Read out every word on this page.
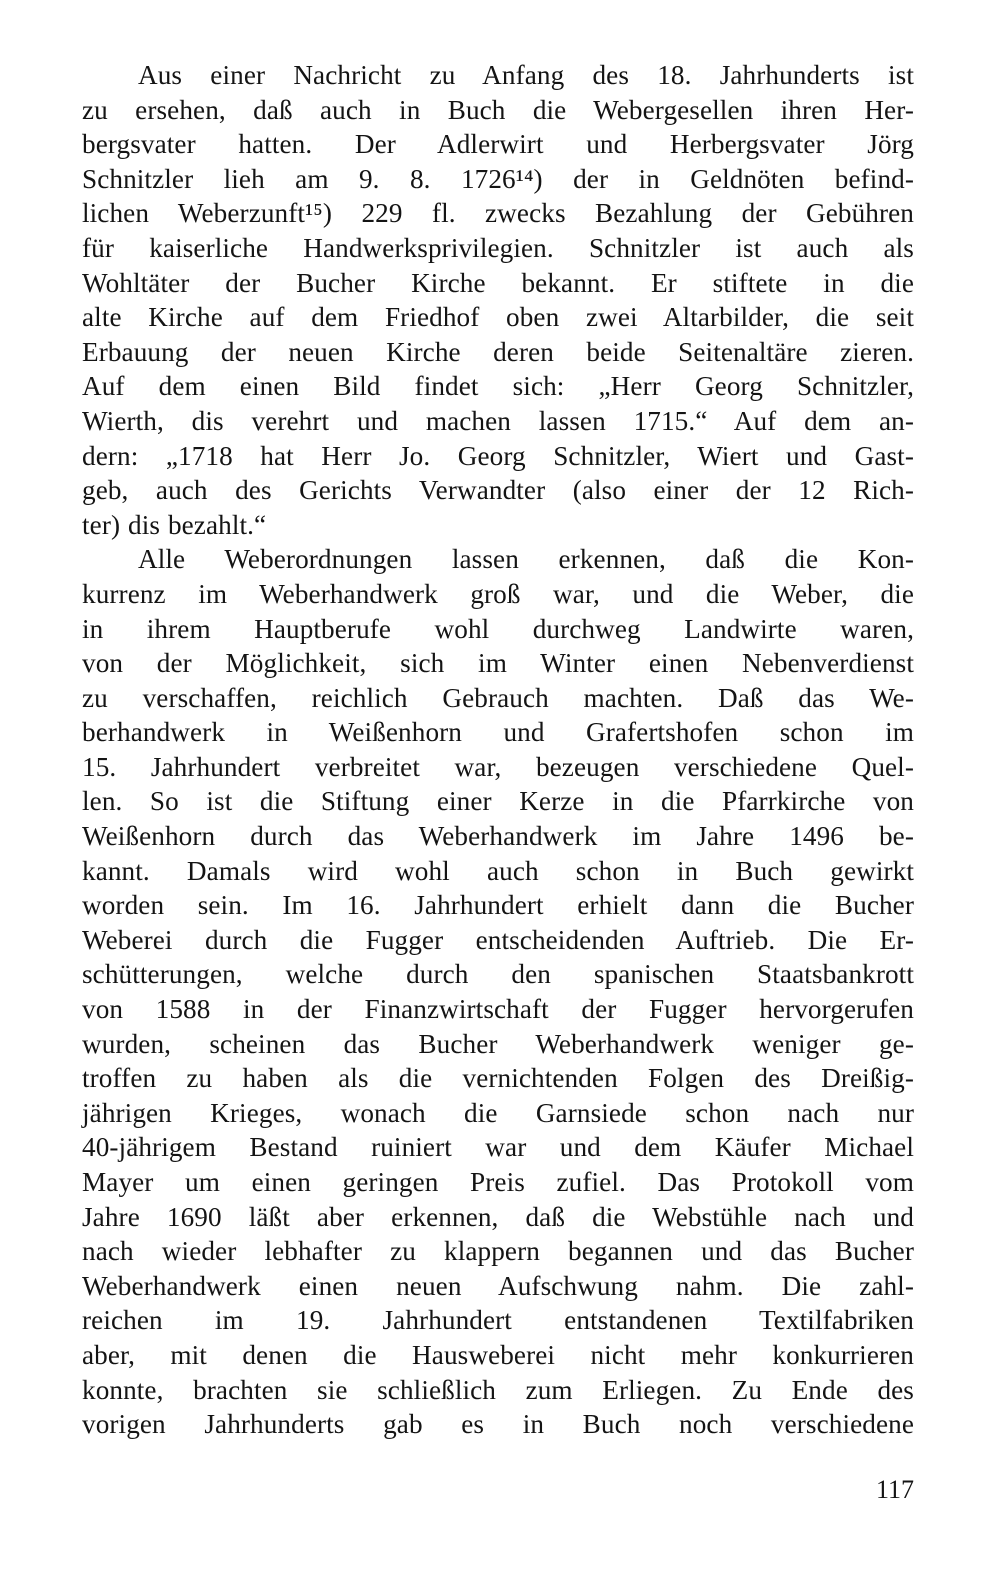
Aus einer Nachricht zu Anfang des 18. Jahrhunderts ist
zu ersehen, daß auch in Buch die Webergesellen ihren Her-
bergsvater hatten. Der Adlerwirt und Herbergsvater Jörg
Schnitzler lieh am 9. 8. 1726¹⁴) der in Geldnöten befind-
lichen Weberzunft¹⁵) 229 fl. zwecks Bezahlung der Gebühren
für kaiserliche Handwerksprivilegien. Schnitzler ist auch als
Wohltäter der Bucher Kirche bekannt. Er stiftete in die
alte Kirche auf dem Friedhof oben zwei Altarbilder, die seit
Erbauung der neuen Kirche deren beide Seitenaltäre zieren.
Auf dem einen Bild findet sich: „Herr Georg Schnitzler,
Wierth, dis verehrt und machen lassen 1715.“ Auf dem an-
dern: „1718 hat Herr Jo. Georg Schnitzler, Wiert und Gast-
geb, auch des Gerichts Verwandter (also einer der 12 Rich-
ter) dis bezahlt.“
Alle Weberordnungen lassen erkennen, daß die Kon-
kurrenz im Weberhandwerk groß war, und die Weber, die
in ihrem Hauptberufe wohl durchweg Landwirte waren,
von der Möglichkeit, sich im Winter einen Nebenverdienst
zu verschaffen, reichlich Gebrauch machten. Daß das We-
berhandwerk in Weißenhorn und Grafertshofen schon im
15. Jahrhundert verbreitet war, bezeugen verschiedene Quel-
len. So ist die Stiftung einer Kerze in die Pfarrkirche von
Weißenhorn durch das Weberhandwerk im Jahre 1496 be-
kannt. Damals wird wohl auch schon in Buch gewirkt
worden sein. Im 16. Jahrhundert erhielt dann die Bucher
Weberei durch die Fugger entscheidenden Auftrieb. Die Er-
schütterungen, welche durch den spanischen Staatsbankrott
von 1588 in der Finanzwirtschaft der Fugger hervorgerufen
wurden, scheinen das Bucher Weberhandwerk weniger ge-
troffen zu haben als die vernichtenden Folgen des Dreißig-
jährigen Krieges, wonach die Garnsiede schon nach nur
40-jährigem Bestand ruiniert war und dem Käufer Michael
Mayer um einen geringen Preis zufiel. Das Protokoll vom
Jahre 1690 läßt aber erkennen, daß die Webstühle nach und
nach wieder lebhafter zu klappern begannen und das Bucher
Weberhandwerk einen neuen Aufschwung nahm. Die zahl-
reichen im 19. Jahrhundert entstandenen Textilfabriken
aber, mit denen die Hausweberei nicht mehr konkurrieren
konnte, brachten sie schließlich zum Erliegen. Zu Ende des
vorigen Jahrhunderts gab es in Buch noch verschiedene
117
